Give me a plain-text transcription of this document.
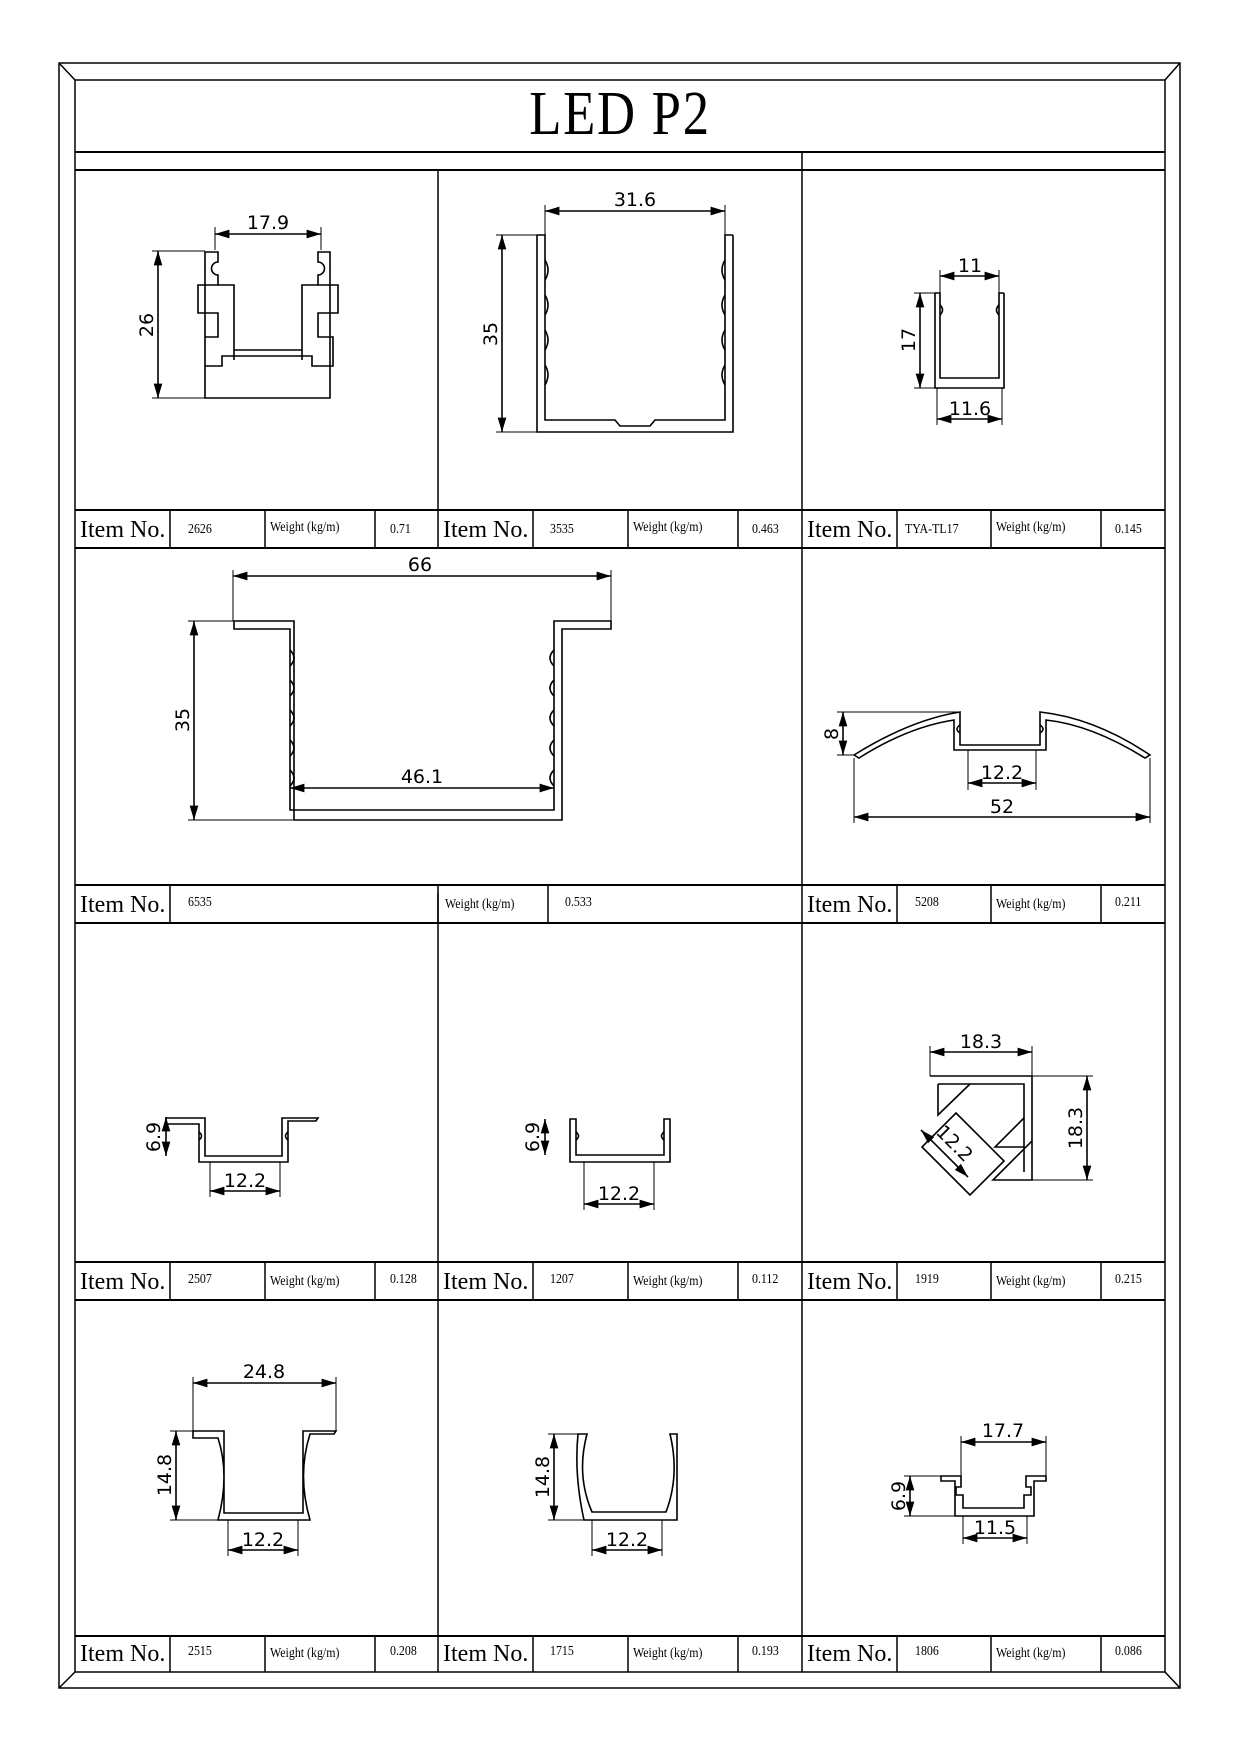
17.9
26
31.6
35
11
17
11.6
66
35
46.1
8
12.2
52
6.9
12.2
6.9
12.2
18.3
18.3
12.2
24.8
14.8
12.2
14.8
12.2
17.7
6.9
11.5
LED P2
Item No. 2626	Weight (kg/m)	0.71 Item No. 3535	Weight (kg/m)	0.463 Item No. TYA-TL17	Weight (kg/m)	0.145
Item No. 6535	Weight (kg/m)	0.533	Item No. 5208	Weight (kg/m)	0.211
Item No. 2507	Weight (kg/m)	0.128 Item No. 1207	Weight (kg/m)	0.112 Item No. 1919	Weight (kg/m)	0.215
Item No. 2515	Weight (kg/m)	0.208 Item No. 1715	Weight (kg/m)	0.193 Item No. 1806	Weight (kg/m)	0.086
